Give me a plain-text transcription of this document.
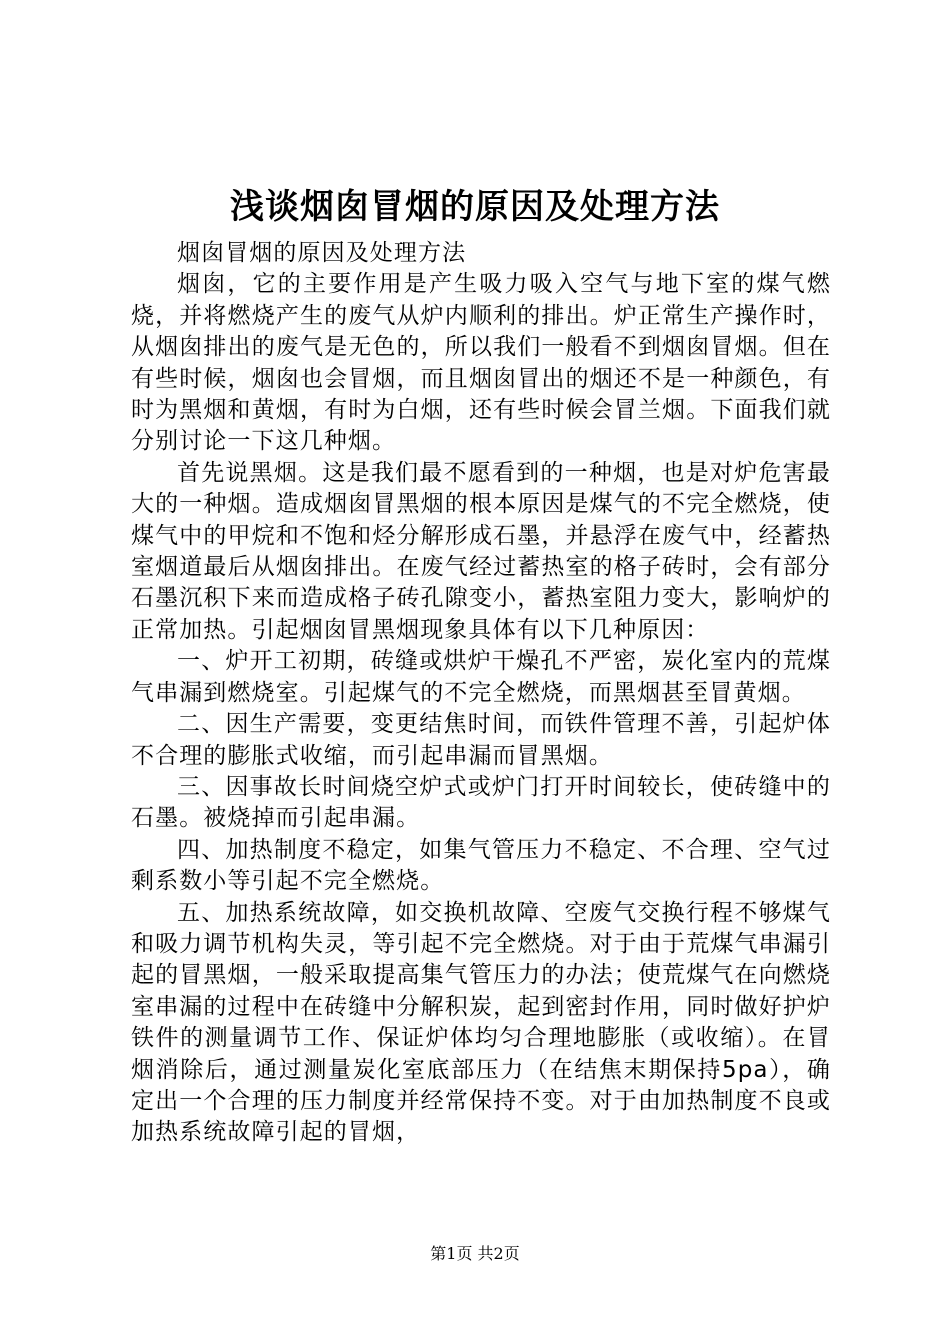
浅谈烟囱冒烟的原因及处理方法

烟囱冒烟的原因及处理方法

烟囱，它的主要作用是产生吸力吸入空气与地下室的煤气燃烧，并将燃烧产生的废气从炉内顺利的排出。炉正常生产操作时，从烟囱排出的废气是无色的，所以我们一般看不到烟囱冒烟。但在有些时候，烟囱也会冒烟，而且烟囱冒出的烟还不是一种颜色，有时为黑烟和黄烟，有时为白烟，还有些时候会冒兰烟。下面我们就分别讨论一下这几种烟。

首先说黑烟。这是我们最不愿看到的一种烟，也是对炉危害最大的一种烟。造成烟囱冒黑烟的根本原因是煤气的不完全燃烧，使煤气中的甲烷和不饱和烃分解形成石墨，并悬浮在废气中，经蓄热室烟道最后从烟囱排出。在废气经过蓄热室的格子砖时，会有部分石墨沉积下来而造成格子砖孔隙变小，蓄热室阻力变大，影响炉的正常加热。引起烟囱冒黑烟现象具体有以下几种原因：

一、炉开工初期，砖缝或烘炉干燥孔不严密，炭化室内的荒煤气串漏到燃烧室。引起煤气的不完全燃烧，而黑烟甚至冒黄烟。

二、因生产需要，变更结焦时间，而铁件管理不善，引起炉体不合理的膨胀式收缩，而引起串漏而冒黑烟。

三、因事故长时间烧空炉式或炉门打开时间较长，使砖缝中的石墨。被烧掉而引起串漏。

四、加热制度不稳定，如集气管压力不稳定、不合理、空气过剩系数小等引起不完全燃烧。

五、加热系统故障，如交换机故障、空废气交换行程不够煤气和吸力调节机构失灵，等引起不完全燃烧。对于由于荒煤气串漏引起的冒黑烟，一般采取提高集气管压力的办法；使荒煤气在向燃烧室串漏的过程中在砖缝中分解积炭，起到密封作用，同时做好护炉铁件的测量调节工作、保证炉体均匀合理地膨胀（或收缩）。在冒烟消除后，通过测量炭化室底部压力（在结焦末期保持5pa），确定出一个合理的压力制度并经常保持不变。对于由加热制度不良或加热系统故障引起的冒烟，

第1页 共2页
